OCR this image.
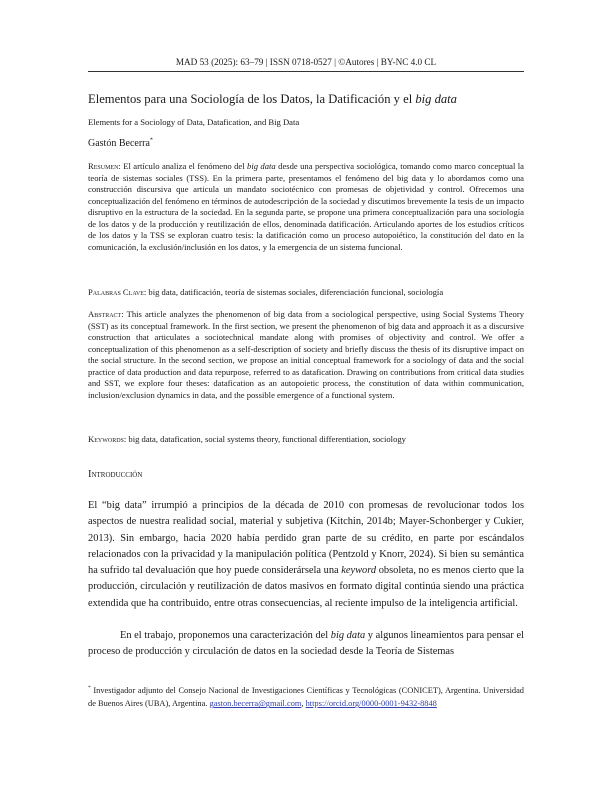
MAD 53 (2025): 63–79 | ISSN 0718-0527 | ©Autores | BY-NC 4.0 CL
Elementos para una Sociología de los Datos, la Datificación y el big data
Elements for a Sociology of Data, Datafication, and Big Data
Gastón Becerra*

Resumen: El artículo analiza el fenómeno del big data desde una perspectiva sociológica, tomando como marco conceptual la teoría de sistemas sociales (TSS). En la primera parte, presentamos el fenómeno del big data y lo abordamos como una construcción discursiva que articula un mandato sociotécnico con promesas de objetividad y control. Ofrecemos una conceptualización del fenómeno en términos de autodescripción de la sociedad y discutimos brevemente la tesis de un impacto disruptivo en la estructura de la sociedad. En la segunda parte, se propone una primera conceptualización para una sociología de los datos y de la producción y reutilización de ellos, denominada datificación. Articulando aportes de los estudios críticos de los datos y la TSS se exploran cuatro tesis: la datificación como un proceso autopoiético, la constitución del dato en la comunicación, la exclusión/inclusión en los datos, y la emergencia de un sistema funcional.

Palabras Clave: big data, datificación, teoría de sistemas sociales, diferenciación funcional, sociología

Abstract: This article analyzes the phenomenon of big data from a sociological perspective, using Social Systems Theory (SST) as its conceptual framework. In the first section, we present the phenomenon of big data and approach it as a discursive construction that articulates a sociotechnical mandate along with promises of objectivity and control. We offer a conceptualization of this phenomenon as a self-description of society and briefly discuss the thesis of its disruptive impact on the social structure. In the second section, we propose an initial conceptual framework for a sociology of data and the social practice of data production and data repurpose, referred to as datafication. Drawing on contributions from critical data studies and SST, we explore four theses: datafication as an autopoietic process, the constitution of data within communication, inclusion/exclusion dynamics in data, and the possible emergence of a functional system.

Keywords: big data, datafication, social systems theory, functional differentiation, sociology

Introducción

El “big data” irrumpió a principios de la década de 2010 con promesas de revolucionar todos los aspectos de nuestra realidad social, material y subjetiva (Kitchin, 2014b; Mayer-Schonberger y Cukier, 2013). Sin embargo, hacia 2020 había perdido gran parte de su crédito, en parte por escándalos relacionados con la privacidad y la manipulación política (Pentzold y Knorr, 2024). Si bien su semántica ha sufrido tal devaluación que hoy puede considerársela una keyword obsoleta, no es menos cierto que la producción, circulación y reutilización de datos masivos en formato digital continúa siendo una práctica extendida que ha contribuido, entre otras consecuencias, al reciente impulso de la inteligencia artificial.

En el trabajo, proponemos una caracterización del big data y algunos lineamientos para pensar el proceso de producción y circulación de datos en la sociedad desde la Teoría de Sistemas

* Investigador adjunto del Consejo Nacional de Investigaciones Científicas y Tecnológicas (CONICET), Argentina. Universidad de Buenos Aires (UBA), Argentina. gaston.becerra@gmail.com, https://orcid.org/0000-0001-9432-8848
